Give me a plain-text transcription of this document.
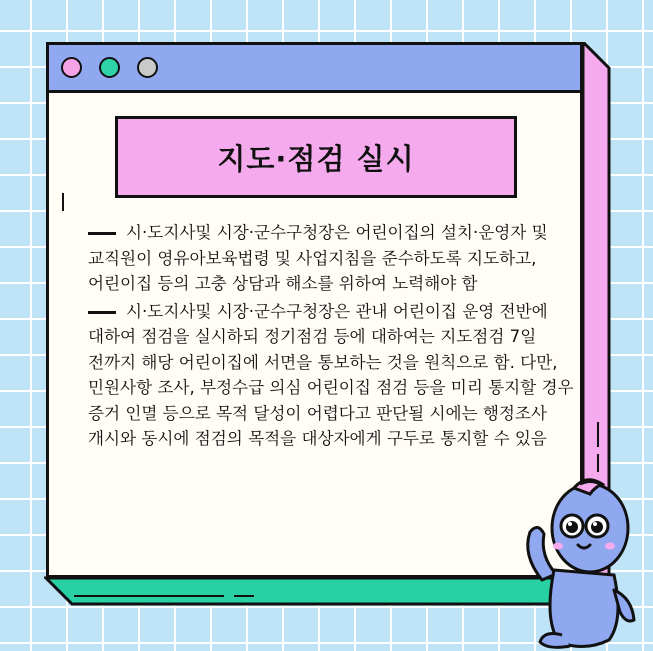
지도·점검 실시

시·도지사및 시장·군수구청장은 어린이집의 설치·운영자 및 교직원이 영유아보육법령 및 사업지침을 준수하도록 지도하고, 어린이집 등의 고충 상담과 해소를 위하여 노력해야 함

시·도지사및 시장·군수구청장은 관내 어린이집 운영 전반에 대하여 점검을 실시하되 정기점검 등에 대하여는 지도점검 7일 전까지 해당 어린이집에 서면을 통보하는 것을 원칙으로 함. 다만, 민원사항 조사, 부정수급 의심 어린이집 점검 등을 미리 통지할 경우 증거 인멸 등으로 목적 달성이 어렵다고 판단될 시에는 행정조사 개시와 동시에 점검의 목적을 대상자에게 구두로 통지할 수 있음
